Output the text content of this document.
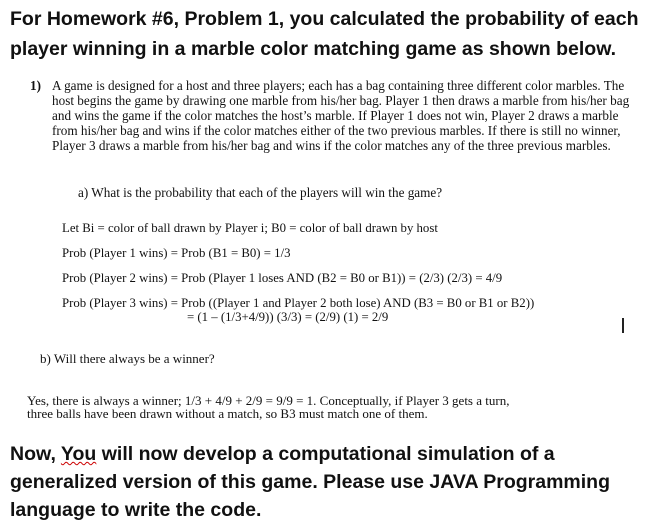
For Homework #6, Problem 1, you calculated the probability of each
player winning in a marble color matching game as shown below.
1) A game is designed for a host and three players; each has a bag containing three different color marbles. The host begins the game by drawing one marble from his/her bag. Player 1 then draws a marble from his/her bag and wins the game if the color matches the host’s marble. If Player 1 does not win, Player 2 draws a marble from his/her bag and wins if the color matches either of the two previous marbles. If there is still no winner, Player 3 draws a marble from his/her bag and wins if the color matches any of the three previous marbles.
a) What is the probability that each of the players will win the game?
Let Bi = color of ball drawn by Player i; B0 = color of ball drawn by host
Prob (Player 1 wins) = Prob (B1 = B0) = 1/3
Prob (Player 2 wins) = Prob (Player 1 loses AND (B2 = B0 or B1)) = (2/3) (2/3) = 4/9
Prob (Player 3 wins) = Prob ((Player 1 and Player 2 both lose) AND (B3 = B0 or B1 or B2))
= (1 – (1/3+4/9)) (3/3) = (2/9) (1) = 2/9
b) Will there always be a winner?
Yes, there is always a winner; 1/3 + 4/9 + 2/9 = 9/9 = 1. Conceptually, if Player 3 gets a turn,
three balls have been drawn without a match, so B3 must match one of them.
Now, You will now develop a computational simulation of a
generalized version of this game. Please use JAVA Programming
language to write the code.
